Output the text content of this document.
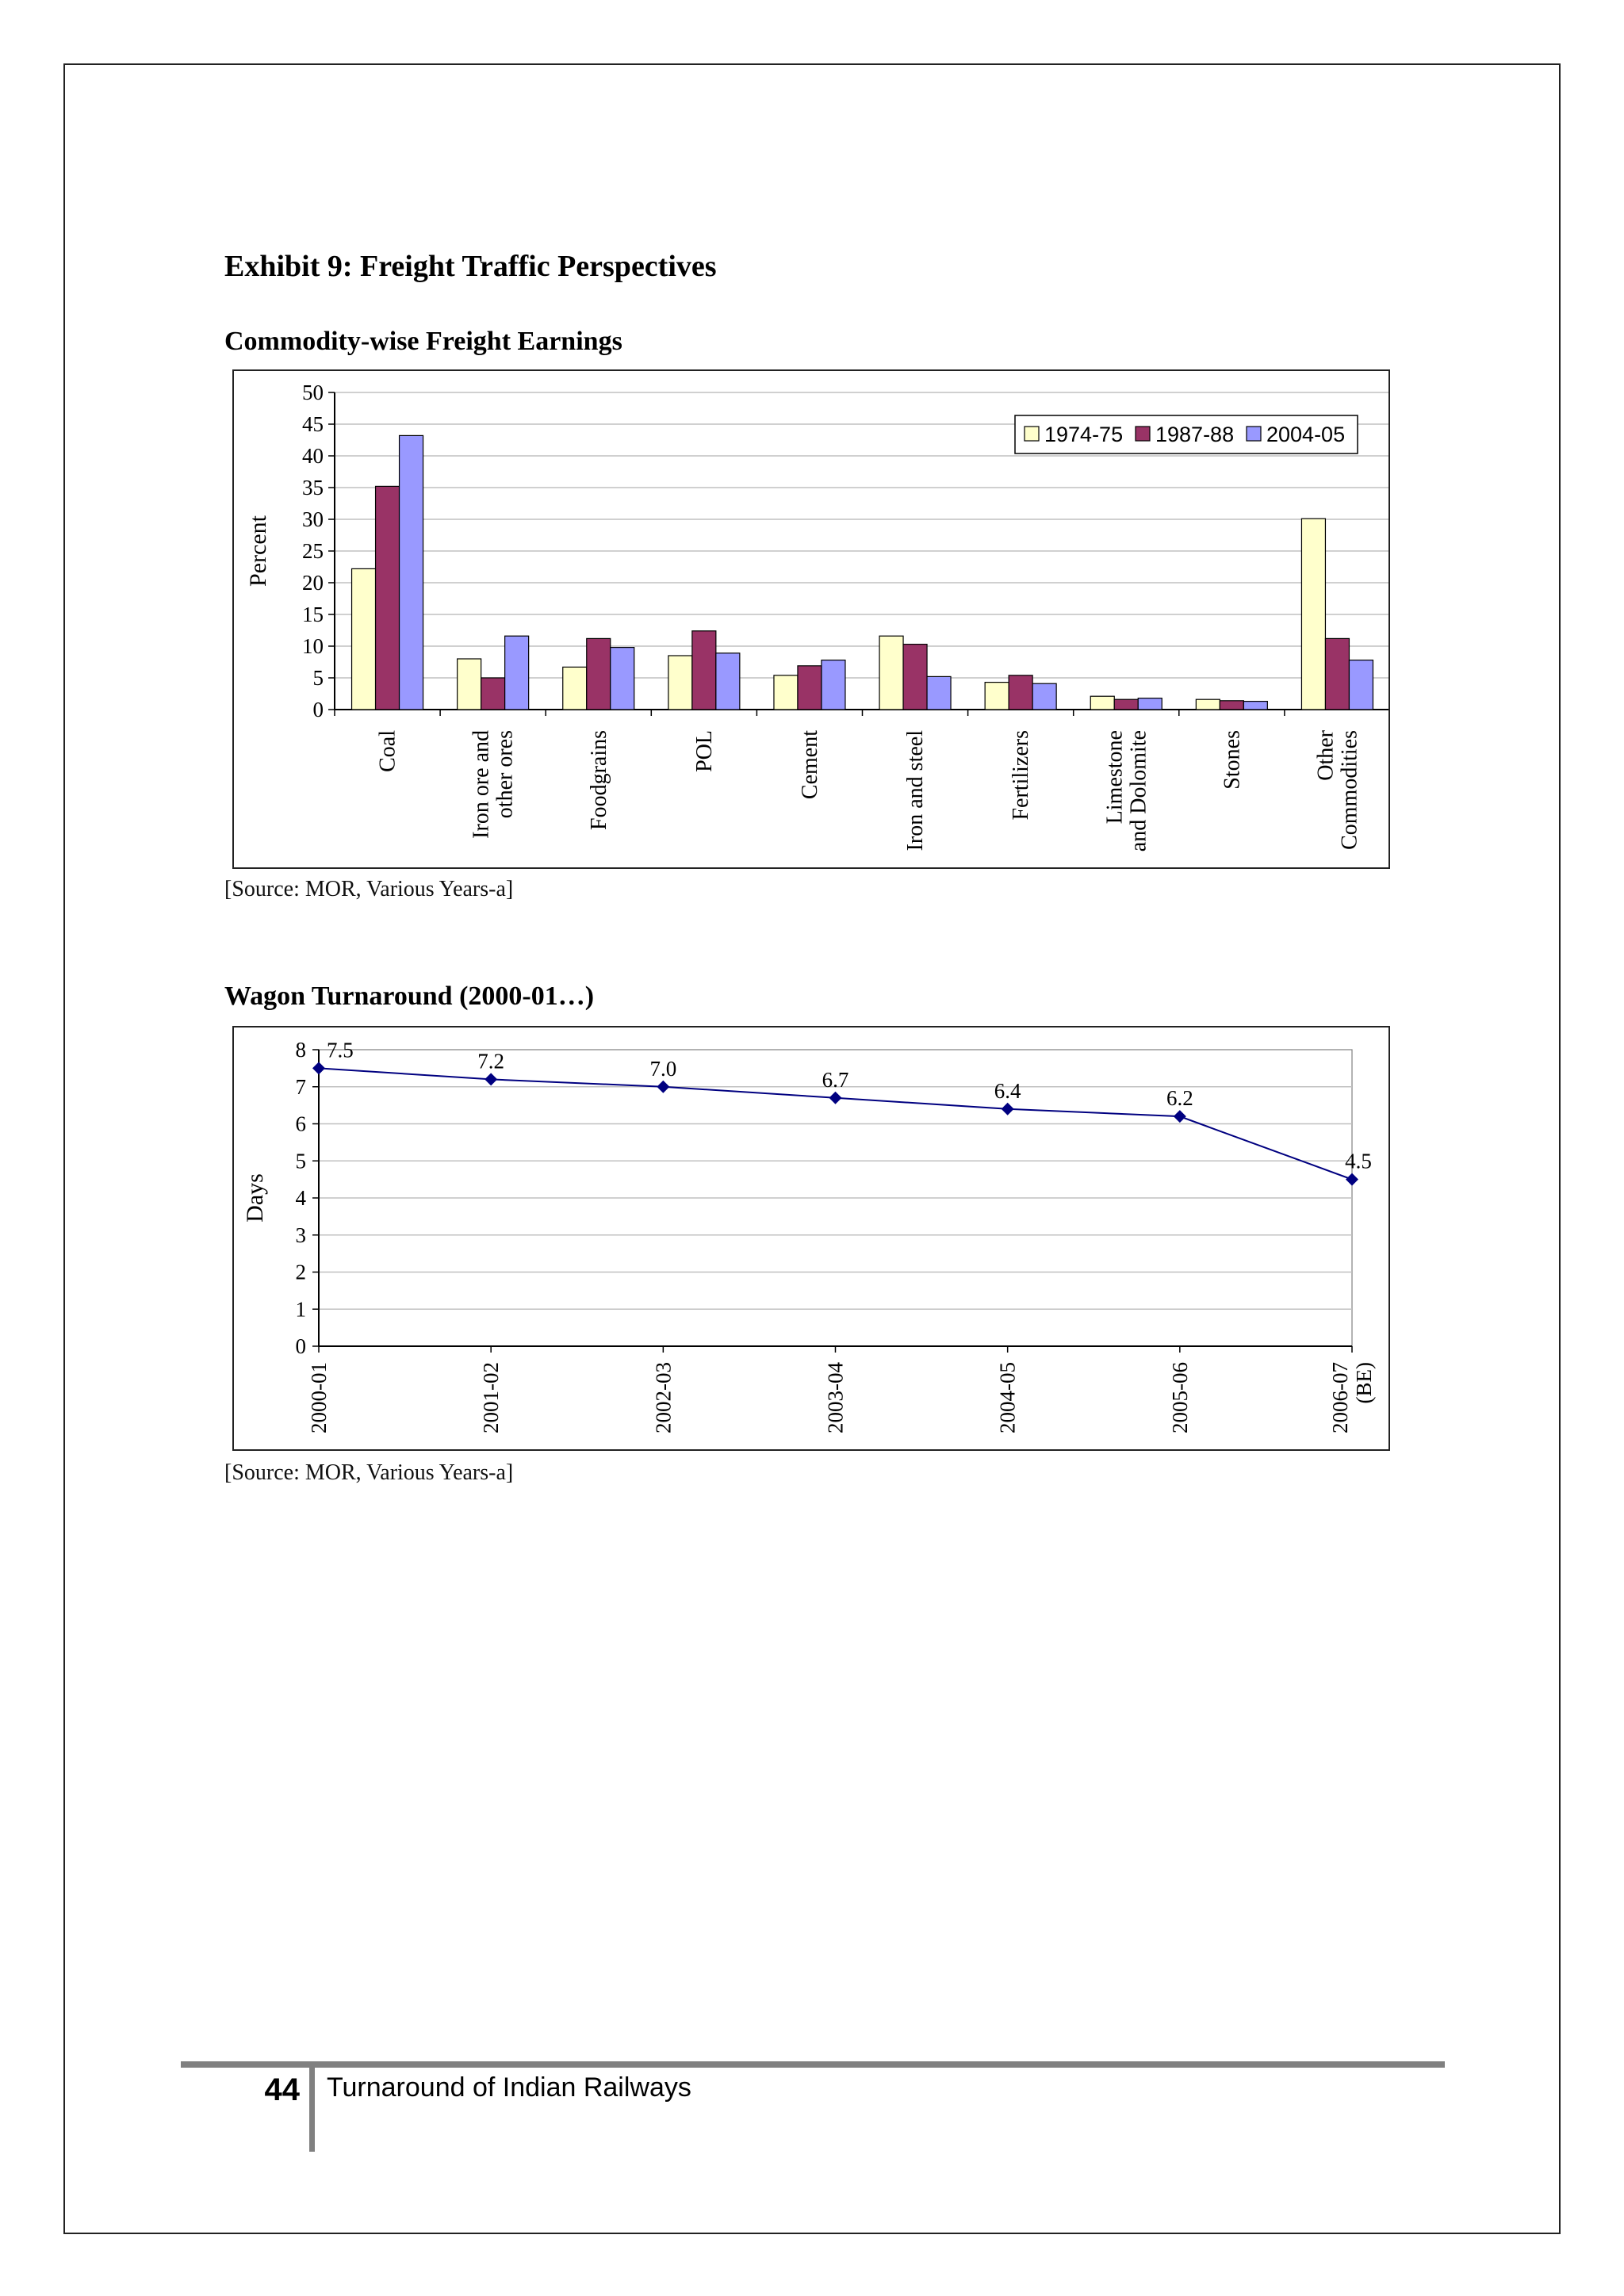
Exhibit 9: Freight Traffic Perspectives
Commodity-wise Freight Earnings
0
5
10
15
20
25
30
35
40
45
50
Coal	Iron ore andother ores	Foodgrains	POL	Cement	Iron and steel	Fertilizers	Limestoneand Dolomite	Stones	OtherCommodities
Percent
1974-75 1987-88 2004-05
[Source: MOR, Various Years-a]
Wagon Turnaround (2000-01…)
0
1
2
3
4
5
6
7
8 7.5
2000-01
7.2
2001-02
7.0
2002-03
6.7
2003-04
6.4
2004-05
6.2
2005-06
4.5
2006-07(BE)
Days
[Source: MOR, Various Years-a]
44 Turnaround of Indian Railways
